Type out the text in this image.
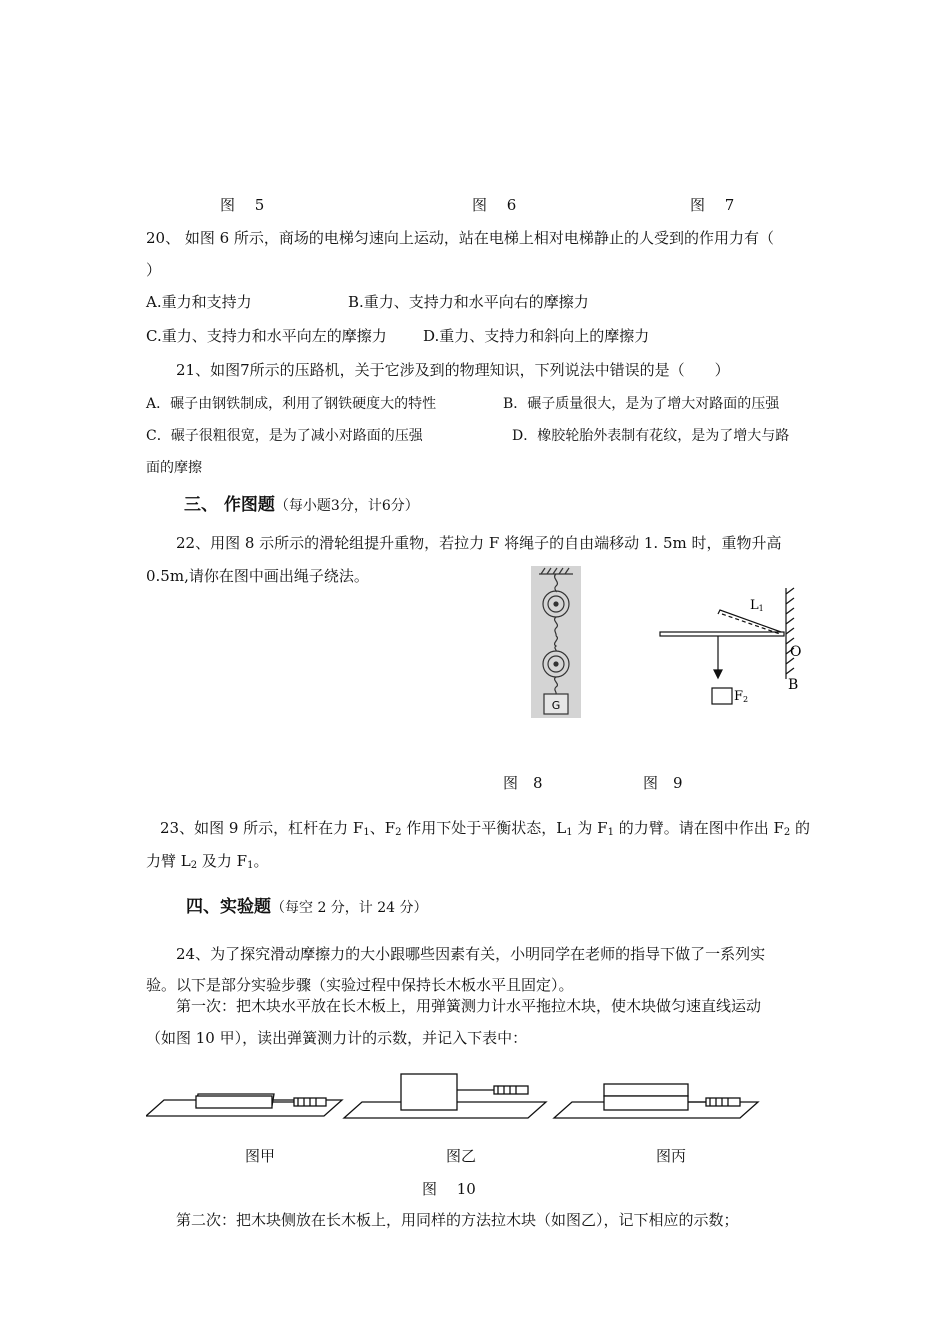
图　 5	图　 6	图　 7
20、 如图 6 所示，商场的电梯匀速向上运动，站在电梯上相对电梯静止的人受到的作用力有（
）
A.重力和支持力	B.重力、支持力和水平向右的摩擦力
C.重力、支持力和水平向左的摩擦力 D.重力、支持力和斜向上的摩擦力
21、如图7所示的压路机，关于它涉及到的物理知识，下列说法中错误的是（　　）
A．碾子由钢铁制成，利用了钢铁硬度大的特性	B．碾子质量很大，是为了增大对路面的压强
C．碾子很粗很宽，是为了减小对路面的压强	D．橡胶轮胎外表制有花纹，是为了增大与路
面的摩擦
三、 作图题（每小题3分，计6分）
22、用图 8 示所示的滑轮组提升重物，若拉力 F 将绳子的自由端移动 1. 5m 时，重物升高
0.5m,请你在图中画出绳子绕法。
G
L1
O
B
F2
图　8	图　9
23、如图 9 所示，杠杆在力 $F_1$、$F_2$ 作用下处于平衡状态，$L_1$ 为 $F_1$ 的力臂。请在图中作出 $F_2$ 的
力臂 $L_2$ 及力 $F_1$。
四、实验题（每空 2 分，计 24 分）
24、为了探究滑动摩擦力的大小跟哪些因素有关，小明同学在老师的指导下做了一系列实
验。以下是部分实验步骤（实验过程中保持长木板水平且固定）。
第一次：把木块水平放在长木板上，用弹簧测力计水平拖拉木块，使木块做匀速直线运动
（如图 10 甲），读出弹簧测力计的示数，并记入下表中：
图甲	图乙	图丙
图　 10
第二次：把木块侧放在长木板上，用同样的方法拉木块（如图乙），记下相应的示数；
